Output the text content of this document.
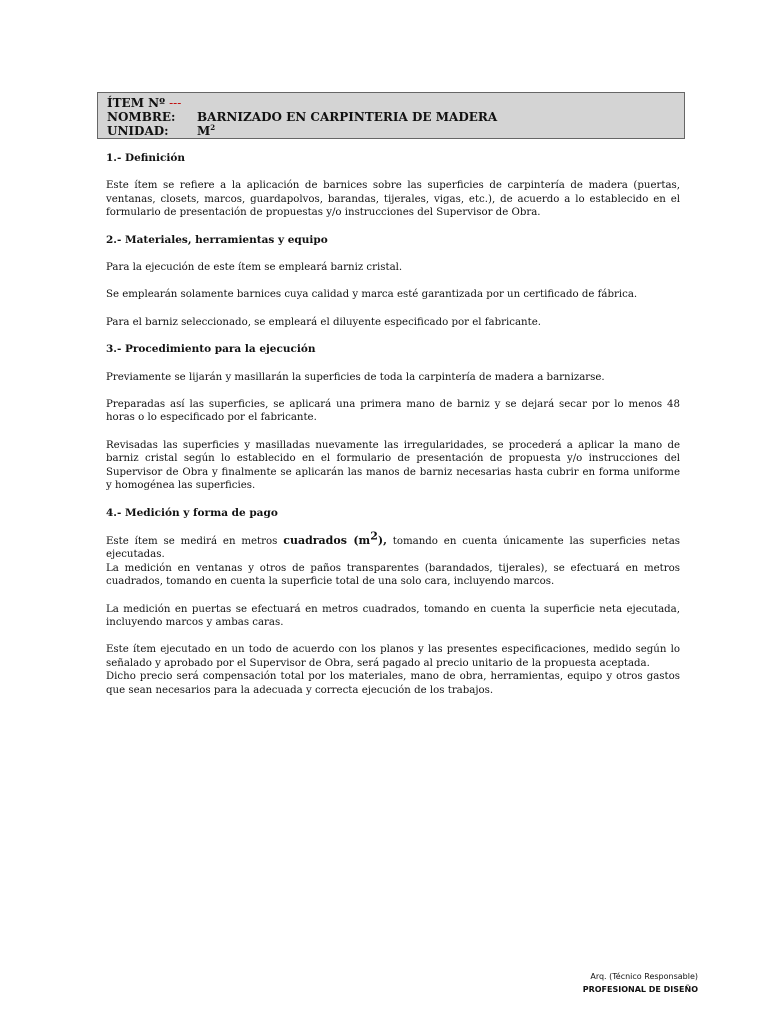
ÍTEM Nº ---
NOMBRE:	BARNIZADO EN CARPINTERIA DE MADERA
UNIDAD:	$M^2$
1.- Definición

Este ítem se refiere a la aplicación de barnices sobre las superficies de carpintería de madera (puertas, ventanas, closets, marcos, guardapolvos, barandas, tijerales, vigas, etc.), de acuerdo a lo establecido en el formulario de presentación de propuestas y/o instrucciones del Supervisor de Obra.

2.- Materiales, herramientas y equipo

Para la ejecución de este ítem se empleará barniz cristal.

Se emplearán solamente barnices cuya calidad y marca esté garantizada por un certificado de fábrica.

Para el barniz seleccionado, se empleará el diluyente especificado por el fabricante.

3.- Procedimiento para la ejecución

Previamente se lijarán y masillarán la superficies de toda la carpintería de madera a barnizarse.

Preparadas así las superficies, se aplicará una primera mano de barniz y se dejará secar por lo menos 48 horas o lo especificado por el fabricante.

Revisadas las superficies y masilladas nuevamente las irregularidades, se procederá a aplicar la mano de barniz cristal según lo establecido en el formulario de presentación de propuesta y/o instrucciones del Supervisor de Obra y finalmente se aplicarán las manos de barniz necesarias hasta cubrir en forma uniforme y homogénea las superficies.

4.- Medición y forma de pago

Este ítem se medirá en metros cuadrados $(m^2)$, tomando en cuenta únicamente las superficies netas ejecutadas.

La medición en ventanas y otros de paños transparentes (barandados, tijerales), se efectuará en metros cuadrados, tomando en cuenta la superficie total de una solo cara, incluyendo marcos.

La medición en puertas se efectuará en metros cuadrados, tomando en cuenta la superficie neta ejecutada, incluyendo marcos y ambas caras.

Este ítem ejecutado en un todo de acuerdo con los planos y las presentes especificaciones, medido según lo señalado y aprobado por el Supervisor de Obra, será pagado al precio unitario de la propuesta aceptada.

Dicho precio será compensación total por los materiales, mano de obra, herramientas, equipo y otros gastos que sean necesarios para la adecuada y correcta ejecución de los trabajos.

Arq. (Técnico Responsable)
PROFESIONAL DE DISEÑO
